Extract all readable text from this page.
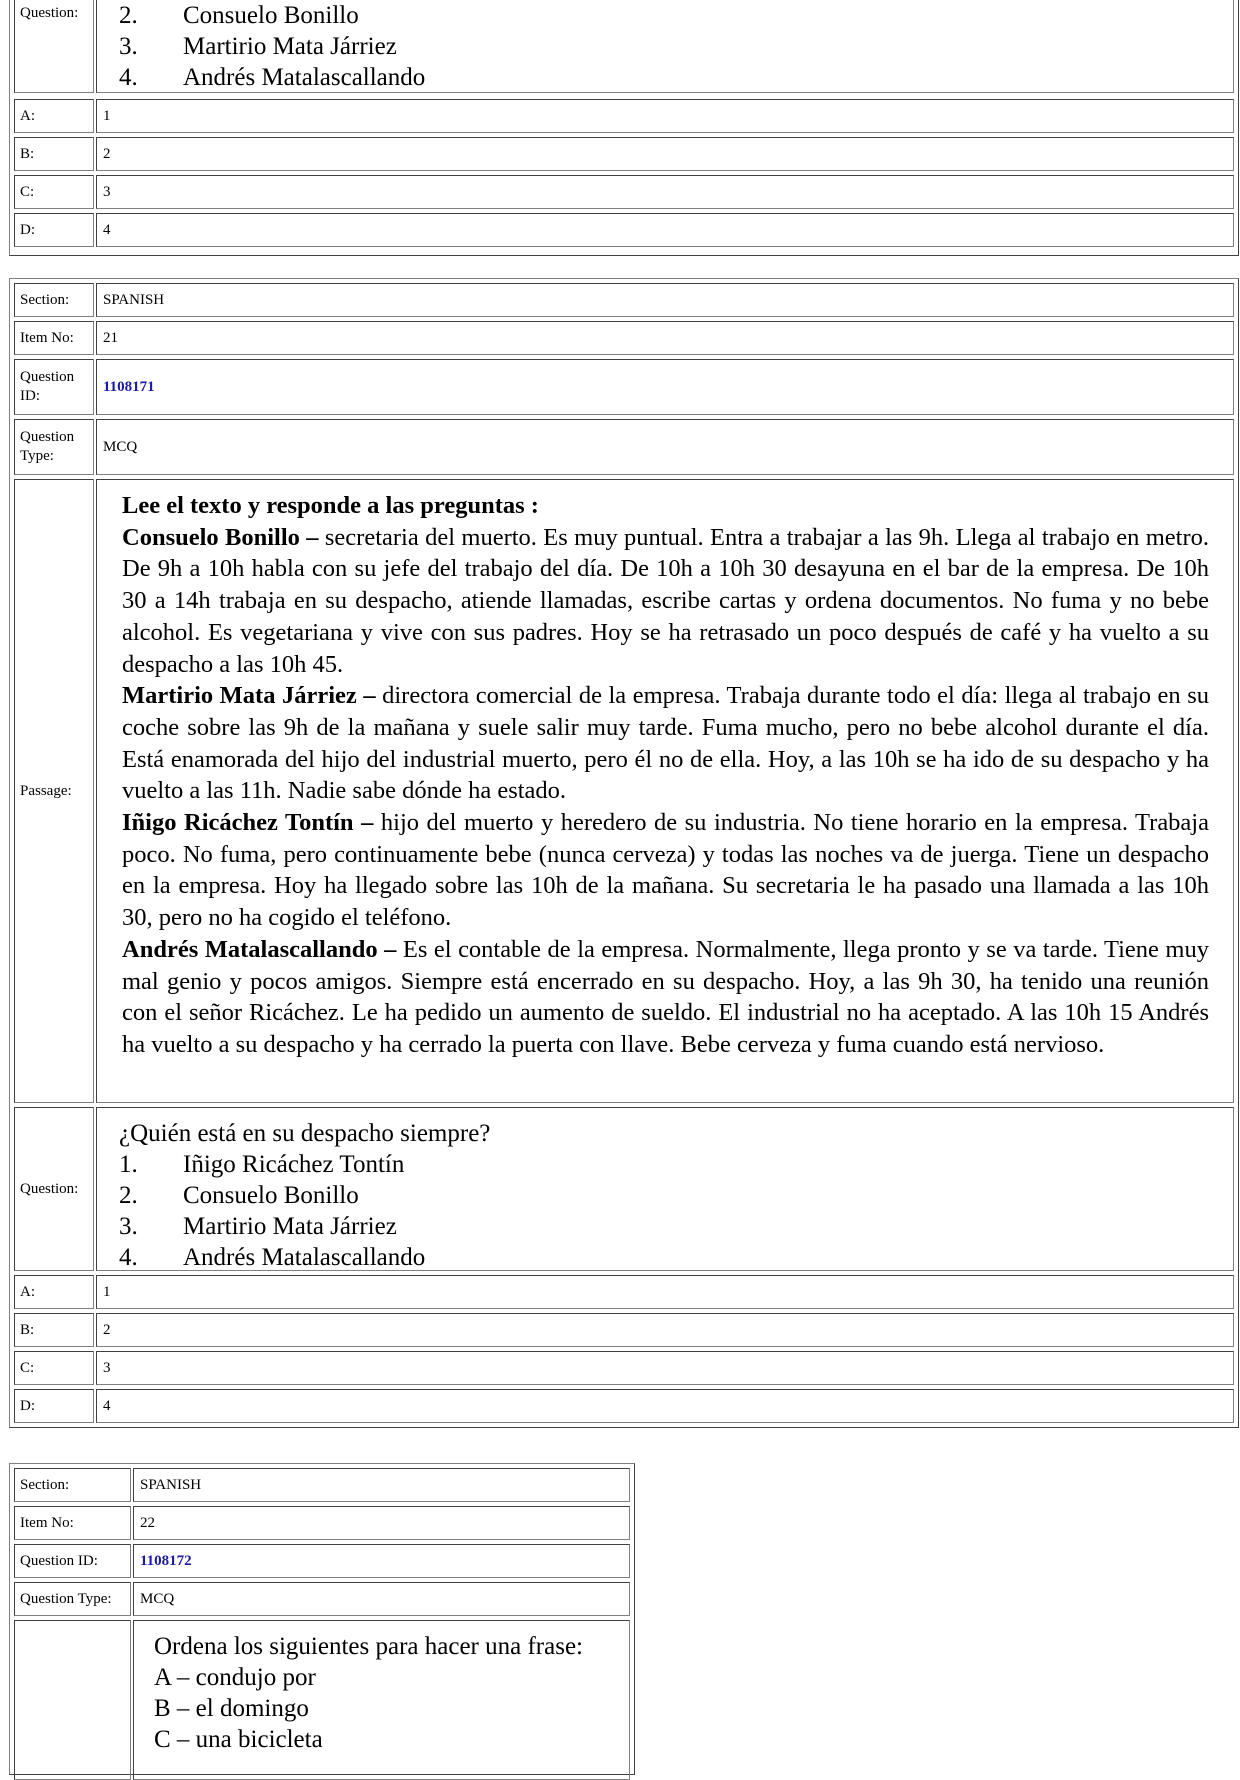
Question:	2.	Consuelo Bonillo
3.	Martirio Mata Járriez
4.	Andrés Matalascallando
A:	1
B:	2
C:	3
D:	4
Section:	SPANISH
Item No:	21
Question ID:
1108171
Question Type:
MCQ
Passage:
Lee el texto y responde a las preguntas :
Consuelo Bonillo – secretaria del muerto. Es muy puntual. Entra a trabajar a las 9h. Llega al trabajo en metro. De 9h a 10h habla con su jefe del trabajo del día. De 10h a 10h 30 desayuna en el bar de la empresa. De 10h 30 a 14h trabaja en su despacho, atiende llamadas, escribe cartas y ordena documentos. No fuma y no bebe alcohol. Es vegetariana y vive con sus padres. Hoy se ha retrasado un poco después de café y ha vuelto a su despacho a las 10h 45.
Martirio Mata Járriez – directora comercial de la empresa. Trabaja durante todo el día: llega al trabajo en su coche sobre las 9h de la mañana y suele salir muy tarde. Fuma mucho, pero no bebe alcohol durante el día. Está enamorada del hijo del industrial muerto, pero él no de ella. Hoy, a las 10h se ha ido de su despacho y ha vuelto a las 11h. Nadie sabe dónde ha estado.
Iñigo Ricáchez Tontín – hijo del muerto y heredero de su industria. No tiene horario en la empresa. Trabaja poco. No fuma, pero continuamente bebe (nunca cerveza) y todas las noches va de juerga. Tiene un despacho en la empresa. Hoy ha llegado sobre las 10h de la mañana. Su secretaria le ha pasado una llamada a las 10h 30, pero no ha cogido el teléfono.
Andrés Matalascallando – Es el contable de la empresa. Normalmente, llega pronto y se va tarde. Tiene muy mal genio y pocos amigos. Siempre está encerrado en su despacho. Hoy, a las 9h 30, ha tenido una reunión con el señor Ricáchez. Le ha pedido un aumento de sueldo. El industrial no ha aceptado. A las 10h 15 Andrés ha vuelto a su despacho y ha cerrado la puerta con llave. Bebe cerveza y fuma cuando está nervioso.
Question:
¿Quién está en su despacho siempre?
1.	Iñigo Ricáchez Tontín
2.	Consuelo Bonillo
3.	Martirio Mata Járriez
4.	Andrés Matalascallando
A:	1
B:	2
C:	3
D:	4
Section:	SPANISH
Item No:	22
Question ID:	1108172
Question Type:	MCQ
Ordena los siguientes para hacer una frase:
A – condujo por
B – el domingo
C – una bicicleta
